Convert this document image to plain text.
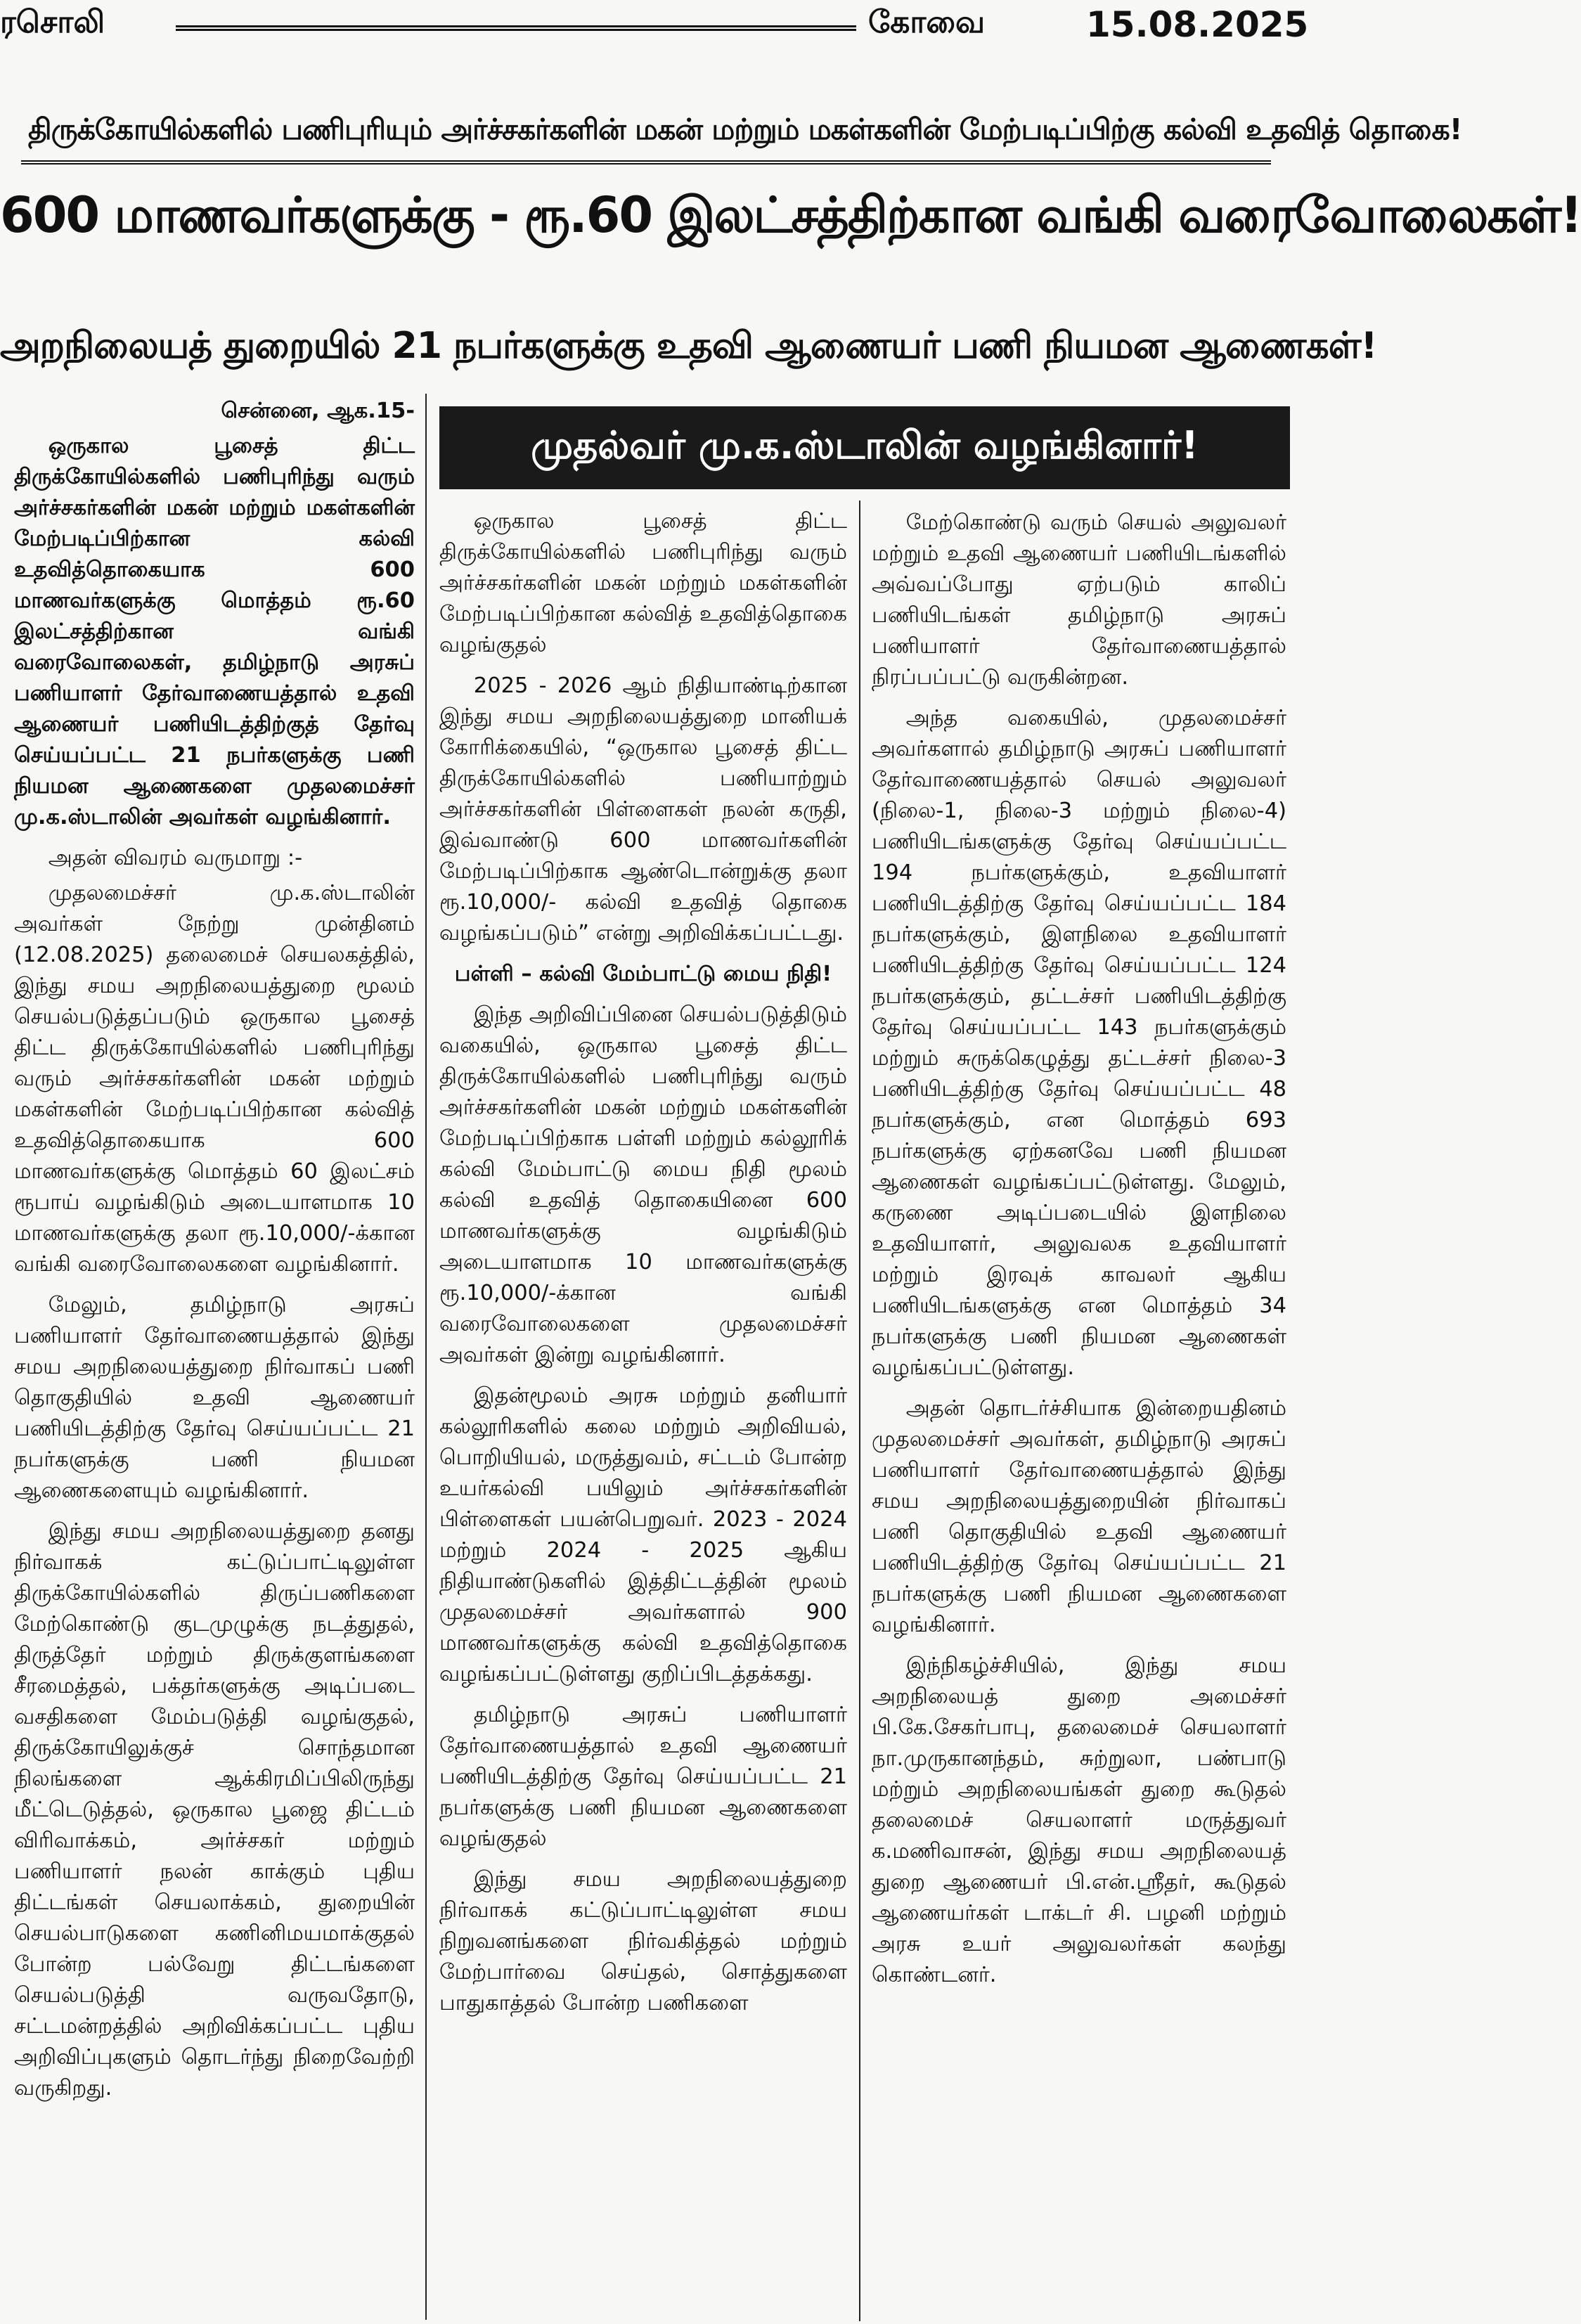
ரசொலி	கோவை	15.08.2025
திருக்கோயில்களில் பணிபுரியும் அர்ச்சகர்களின் மகன் மற்றும் மகள்களின் மேற்படிப்பிற்கு கல்வி உதவித் தொகை!
600 மாணவர்களுக்கு - ரூ.60 இலட்சத்திற்கான வங்கி வரைவோலைகள்!
அறநிலையத் துறையில் 21 நபர்களுக்கு உதவி ஆணையர் பணி நியமன ஆணைகள்!
முதல்வர் மு.க.ஸ்டாலின் வழங்கினார்!
சென்னை, ஆக.15-

ஒருகால பூசைத் திட்ட திருக்கோயில்களில் பணிபுரிந்து வரும் அர்ச்சகர்களின் மகன் மற்றும் மகள்களின் மேற்படிப்பிற்கான கல்வி உதவித்தொகையாக 600 மாணவர்களுக்கு மொத்தம் ரூ.60 இலட்சத்திற்கான வங்கி வரைவோலைகள், தமிழ்நாடு அரசுப் பணியாளர் தேர்வாணையத்தால் உதவி ஆணையர் பணியிடத்திற்குத் தேர்வு செய்யப்பட்ட 21 நபர்களுக்கு பணி நியமன ஆணைகளை முதலமைச்சர் மு.க.ஸ்டாலின் அவர்கள் வழங்கினார்.

அதன் விவரம் வருமாறு :-

முதலமைச்சர் மு.க.ஸ்டாலின் அவர்கள் நேற்று முன்தினம் (12.08.2025) தலைமைச் செயலகத்தில், இந்து சமய அறநிலையத்துறை மூலம் செயல்படுத்தப்படும் ஒருகால பூசைத் திட்ட திருக்கோயில்களில் பணிபுரிந்து வரும் அர்ச்சகர்களின் மகன் மற்றும் மகள்களின் மேற்படிப்பிற்கான கல்வித் உதவித்தொகையாக 600 மாணவர்களுக்கு மொத்தம் 60 இலட்சம் ரூபாய் வழங்கிடும் அடையாளமாக 10 மாணவர்களுக்கு தலா ரூ.10,000/-க்கான வங்கி வரைவோலைகளை வழங்கினார்.

மேலும், தமிழ்நாடு அரசுப் பணியாளர் தேர்வாணையத்தால் இந்து சமய அறநிலையத்துறை நிர்வாகப் பணி தொகுதியில் உதவி ஆணையர் பணியிடத்திற்கு தேர்வு செய்யப்பட்ட 21 நபர்களுக்கு பணி நியமன ஆணைகளையும் வழங்கினார்.

இந்து சமய அறநிலையத்துறை தனது நிர்வாகக் கட்டுப்பாட்டிலுள்ள திருக்கோயில்களில் திருப்பணிகளை மேற்கொண்டு குடமுழுக்கு நடத்துதல், திருத்தேர் மற்றும் திருக்குளங்களை சீரமைத்தல், பக்தர்களுக்கு அடிப்படை வசதிகளை மேம்படுத்தி வழங்குதல், திருக்கோயிலுக்குச் சொந்தமான நிலங்களை ஆக்கிரமிப்பிலிருந்து மீட்டெடுத்தல், ஒருகால பூஜை திட்டம் விரிவாக்கம், அர்ச்சகர் மற்றும் பணியாளர் நலன் காக்கும் புதிய திட்டங்கள் செயலாக்கம், துறையின் செயல்பாடுகளை கணினிமயமாக்குதல் போன்ற பல்வேறு திட்டங்களை செயல்படுத்தி வருவதோடு, சட்டமன்றத்தில் அறிவிக்கப்பட்ட புதிய அறிவிப்புகளும் தொடர்ந்து நிறைவேற்றி வருகிறது.

ஒருகால பூசைத் திட்ட திருக்கோயில்களில் பணிபுரிந்து வரும் அர்ச்சகர்களின் மகன் மற்றும் மகள்களின் மேற்படிப்பிற்கான கல்வித் உதவித்தொகை வழங்குதல்

2025 - 2026 ஆம் நிதியாண்டிற்கான இந்து சமய அறநிலையத்துறை மானியக் கோரிக்கையில், “ஒருகால பூசைத் திட்ட திருக்கோயில்களில் பணியாற்றும் அர்ச்சகர்களின் பிள்ளைகள் நலன் கருதி, இவ்வாண்டு 600 மாணவர்களின் மேற்படிப்பிற்காக ஆண்டொன்றுக்கு தலா ரூ.10,000/- கல்வி உதவித் தொகை வழங்கப்படும்” என்று அறிவிக்கப்பட்டது.

பள்ளி – கல்வி மேம்பாட்டு மைய நிதி!

இந்த அறிவிப்பினை செயல்படுத்திடும் வகையில், ஒருகால பூசைத் திட்ட திருக்கோயில்களில் பணிபுரிந்து வரும் அர்ச்சகர்களின் மகன் மற்றும் மகள்களின் மேற்படிப்பிற்காக பள்ளி மற்றும் கல்லூரிக் கல்வி மேம்பாட்டு மைய நிதி மூலம் கல்வி உதவித் தொகையினை 600 மாணவர்களுக்கு வழங்கிடும் அடையாளமாக 10 மாணவர்களுக்கு ரூ.10,000/-க்கான வங்கி வரைவோலைகளை முதலமைச்சர் அவர்கள் இன்று வழங்கினார்.

இதன்மூலம் அரசு மற்றும் தனியார் கல்லூரிகளில் கலை மற்றும் அறிவியல், பொறியியல், மருத்துவம், சட்டம் போன்ற உயர்கல்வி பயிலும் அர்ச்சகர்களின் பிள்ளைகள் பயன்பெறுவர். 2023 - 2024 மற்றும் 2024 - 2025 ஆகிய நிதியாண்டுகளில் இத்திட்டத்தின் மூலம் முதலமைச்சர் அவர்களால் 900 மாணவர்களுக்கு கல்வி உதவித்தொகை வழங்கப்பட்டுள்ளது குறிப்பிடத்தக்கது.

தமிழ்நாடு அரசுப் பணியாளர் தேர்வாணையத்தால் உதவி ஆணையர் பணியிடத்திற்கு தேர்வு செய்யப்பட்ட 21 நபர்களுக்கு பணி நியமன ஆணைகளை வழங்குதல்

இந்து சமய அறநிலையத்துறை நிர்வாகக் கட்டுப்பாட்டிலுள்ள சமய நிறுவனங்களை நிர்வகித்தல் மற்றும் மேற்பார்வை செய்தல், சொத்துகளை பாதுகாத்தல் போன்ற பணிகளை

மேற்கொண்டு வரும் செயல் அலுவலர் மற்றும் உதவி ஆணையர் பணியிடங்களில் அவ்வப்போது ஏற்படும் காலிப் பணியிடங்கள் தமிழ்நாடு அரசுப் பணியாளர் தேர்வாணையத்தால் நிரப்பப்பட்டு வருகின்றன.

அந்த வகையில், முதலமைச்சர் அவர்களால் தமிழ்நாடு அரசுப் பணியாளர் தேர்வாணையத்தால் செயல் அலுவலர் (நிலை-1, நிலை-3 மற்றும் நிலை-4) பணியிடங்களுக்கு தேர்வு செய்யப்பட்ட 194 நபர்களுக்கும், உதவியாளர் பணியிடத்திற்கு தேர்வு செய்யப்பட்ட 184 நபர்களுக்கும், இளநிலை உதவியாளர் பணியிடத்திற்கு தேர்வு செய்யப்பட்ட 124 நபர்களுக்கும், தட்டச்சர் பணியிடத்திற்கு தேர்வு செய்யப்பட்ட 143 நபர்களுக்கும் மற்றும் சுருக்கெழுத்து தட்டச்சர் நிலை-3 பணியிடத்திற்கு தேர்வு செய்யப்பட்ட 48 நபர்களுக்கும், என மொத்தம் 693 நபர்களுக்கு ஏற்கனவே பணி நியமன ஆணைகள் வழங்கப்பட்டுள்ளது. மேலும், கருணை அடிப்படையில் இளநிலை உதவியாளர், அலுவலக உதவியாளர் மற்றும் இரவுக் காவலர் ஆகிய பணியிடங்களுக்கு என மொத்தம் 34 நபர்களுக்கு பணி நியமன ஆணைகள் வழங்கப்பட்டுள்ளது.

அதன் தொடர்ச்சியாக இன்றையதினம் முதலமைச்சர் அவர்கள், தமிழ்நாடு அரசுப் பணியாளர் தேர்வாணையத்தால் இந்து சமய அறநிலையத்துறையின் நிர்வாகப் பணி தொகுதியில் உதவி ஆணையர் பணியிடத்திற்கு தேர்வு செய்யப்பட்ட 21 நபர்களுக்கு பணி நியமன ஆணைகளை வழங்கினார்.

இந்நிகழ்ச்சியில், இந்து சமய அறநிலையத் துறை அமைச்சர் பி.கே.சேகர்பாபு, தலைமைச் செயலாளர் நா.முருகானந்தம், சுற்றுலா, பண்பாடு மற்றும் அறநிலையங்கள் துறை கூடுதல் தலைமைச் செயலாளர் மருத்துவர் க.மணிவாசன், இந்து சமய அறநிலையத் துறை ஆணையர் பி.என்.ஸ்ரீதர், கூடுதல் ஆணையர்கள் டாக்டர் சி. பழனி மற்றும் அரசு உயர் அலுவலர்கள் கலந்து கொண்டனர்.
